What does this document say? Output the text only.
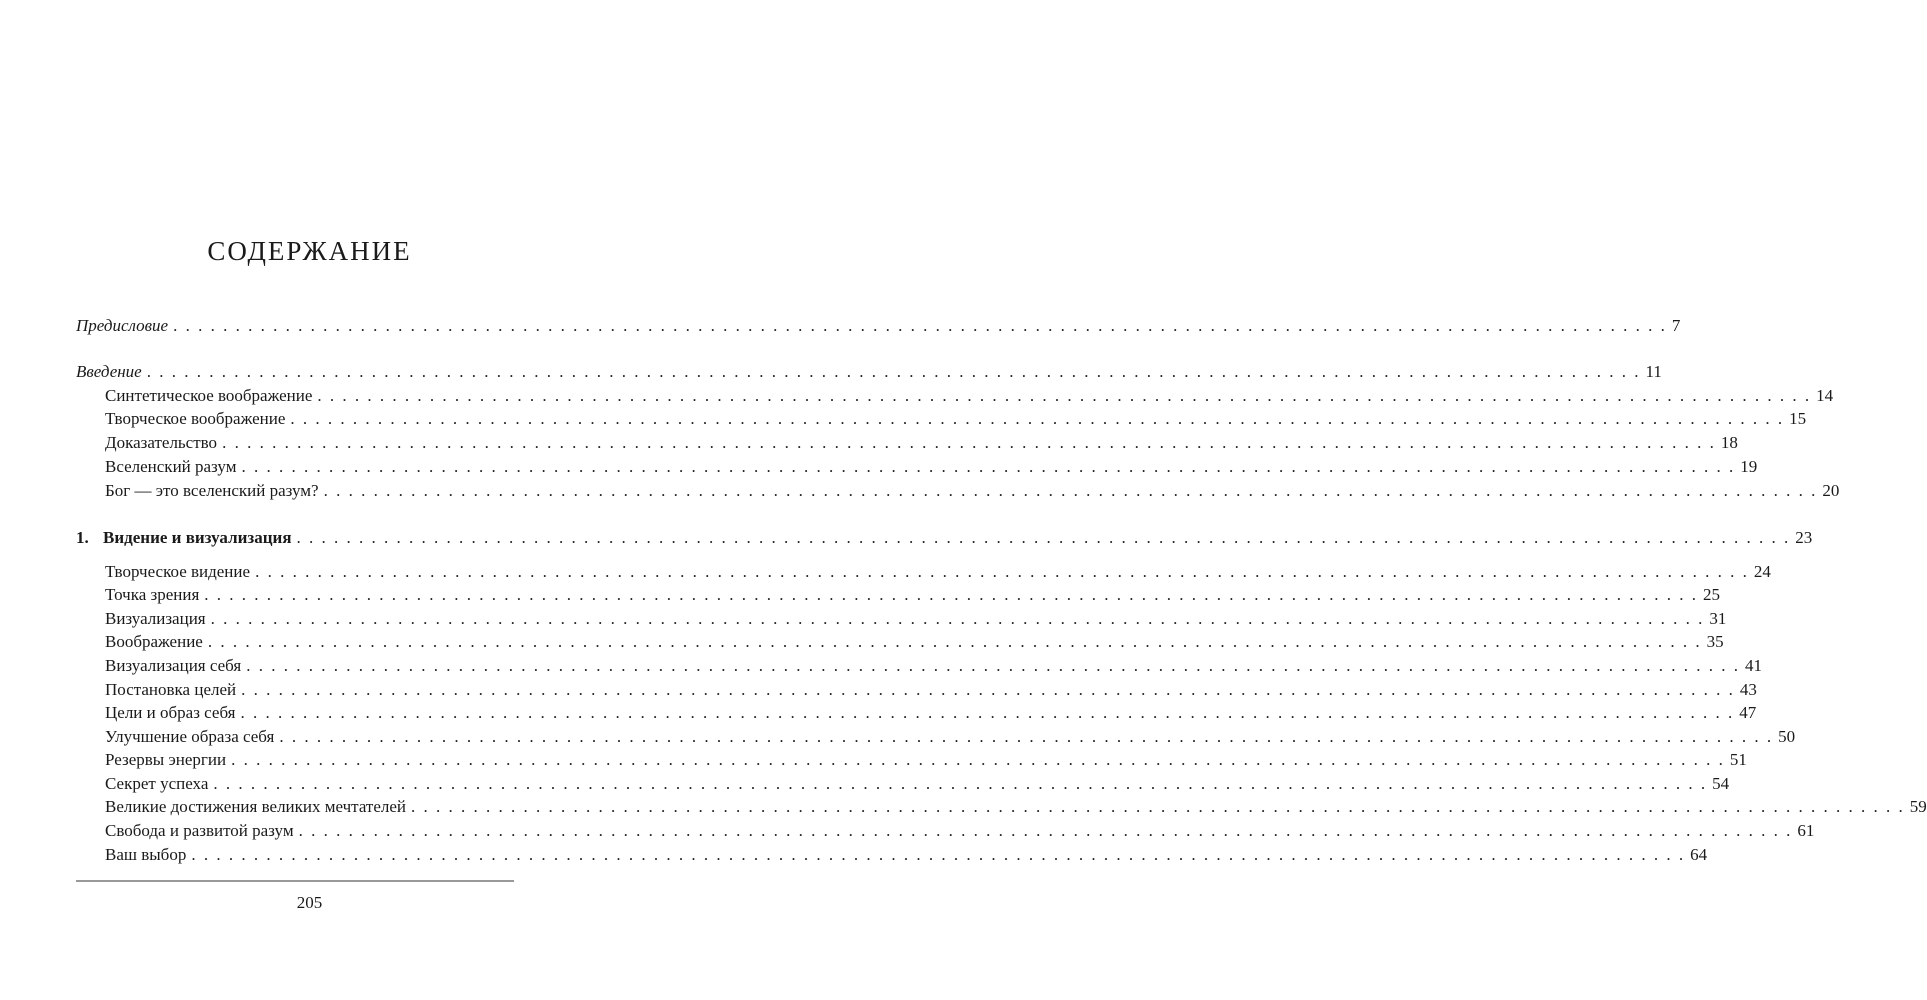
СОДЕРЖАНИЕ
Предисловие . . . . . . . . . . . . . . . . . . . . . . . . . . . . . . . . . . . . . . . . . . . . . . . . . . . . . . . . . . . . . . . . . . . . . . . . . . . . . . . . . . . . . . . . . . . . . . . . . . . . . . . . . . . . . . . . . . . . . . . . 7
Введение . . . . . . . . . . . . . . . . . . . . . . . . . . . . . . . . . . . . . . . . . . . . . . . . . . . . . . . . . . . . . . . . . . . . . . . . . . . . . . . . . . . . . . . . . . . . . . . . . . . . . . . . . . . . . . . . . . . . . . . . 11
Синтетическое воображение . . . . . . . . . . . . . . . . . . . . . . . . . . . . . . . . . . . . . . . . . . . . . . . . . . . . . . . . . . . . . . . . . . . . . . . . . . . . . . . . . . . . . . . . . . . . . . . . . . . . . . . . . . . . . . . . . . . . . . . . 14
Творческое воображение . . . . . . . . . . . . . . . . . . . . . . . . . . . . . . . . . . . . . . . . . . . . . . . . . . . . . . . . . . . . . . . . . . . . . . . . . . . . . . . . . . . . . . . . . . . . . . . . . . . . . . . . . . . . . . . . . . . . . . . . 15
Доказательство . . . . . . . . . . . . . . . . . . . . . . . . . . . . . . . . . . . . . . . . . . . . . . . . . . . . . . . . . . . . . . . . . . . . . . . . . . . . . . . . . . . . . . . . . . . . . . . . . . . . . . . . . . . . . . . . . . . . . . . . 18
Вселенский разум . . . . . . . . . . . . . . . . . . . . . . . . . . . . . . . . . . . . . . . . . . . . . . . . . . . . . . . . . . . . . . . . . . . . . . . . . . . . . . . . . . . . . . . . . . . . . . . . . . . . . . . . . . . . . . . . . . . . . . . . 19
Бог — это вселенский разум? . . . . . . . . . . . . . . . . . . . . . . . . . . . . . . . . . . . . . . . . . . . . . . . . . . . . . . . . . . . . . . . . . . . . . . . . . . . . . . . . . . . . . . . . . . . . . . . . . . . . . . . . . . . . . . . . . . . . . . . . 20
1. Видение и визуализация . . . . . . . . . . . . . . . . . . . . . . . . . . . . . . . . . . . . . . . . . . . . . . . . . . . . . . . . . . . . . . . . . . . . . . . . . . . . . . . . . . . . . . . . . . . . . . . . . . . . . . . . . . . . . . . . . . . . . . . . 23
Творческое видение . . . . . . . . . . . . . . . . . . . . . . . . . . . . . . . . . . . . . . . . . . . . . . . . . . . . . . . . . . . . . . . . . . . . . . . . . . . . . . . . . . . . . . . . . . . . . . . . . . . . . . . . . . . . . . . . . . . . . . . . 24
Точка зрения . . . . . . . . . . . . . . . . . . . . . . . . . . . . . . . . . . . . . . . . . . . . . . . . . . . . . . . . . . . . . . . . . . . . . . . . . . . . . . . . . . . . . . . . . . . . . . . . . . . . . . . . . . . . . . . . . . . . . . . . 25
Визуализация . . . . . . . . . . . . . . . . . . . . . . . . . . . . . . . . . . . . . . . . . . . . . . . . . . . . . . . . . . . . . . . . . . . . . . . . . . . . . . . . . . . . . . . . . . . . . . . . . . . . . . . . . . . . . . . . . . . . . . . . 31
Воображение . . . . . . . . . . . . . . . . . . . . . . . . . . . . . . . . . . . . . . . . . . . . . . . . . . . . . . . . . . . . . . . . . . . . . . . . . . . . . . . . . . . . . . . . . . . . . . . . . . . . . . . . . . . . . . . . . . . . . . . . 35
Визуализация себя . . . . . . . . . . . . . . . . . . . . . . . . . . . . . . . . . . . . . . . . . . . . . . . . . . . . . . . . . . . . . . . . . . . . . . . . . . . . . . . . . . . . . . . . . . . . . . . . . . . . . . . . . . . . . . . . . . . . . . . . 41
Постановка целей . . . . . . . . . . . . . . . . . . . . . . . . . . . . . . . . . . . . . . . . . . . . . . . . . . . . . . . . . . . . . . . . . . . . . . . . . . . . . . . . . . . . . . . . . . . . . . . . . . . . . . . . . . . . . . . . . . . . . . . . 43
Цели и образ себя . . . . . . . . . . . . . . . . . . . . . . . . . . . . . . . . . . . . . . . . . . . . . . . . . . . . . . . . . . . . . . . . . . . . . . . . . . . . . . . . . . . . . . . . . . . . . . . . . . . . . . . . . . . . . . . . . . . . . . . . 47
Улучшение образа себя . . . . . . . . . . . . . . . . . . . . . . . . . . . . . . . . . . . . . . . . . . . . . . . . . . . . . . . . . . . . . . . . . . . . . . . . . . . . . . . . . . . . . . . . . . . . . . . . . . . . . . . . . . . . . . . . . . . . . . . . 50
Резервы энергии . . . . . . . . . . . . . . . . . . . . . . . . . . . . . . . . . . . . . . . . . . . . . . . . . . . . . . . . . . . . . . . . . . . . . . . . . . . . . . . . . . . . . . . . . . . . . . . . . . . . . . . . . . . . . . . . . . . . . . . . 51
Секрет успеха . . . . . . . . . . . . . . . . . . . . . . . . . . . . . . . . . . . . . . . . . . . . . . . . . . . . . . . . . . . . . . . . . . . . . . . . . . . . . . . . . . . . . . . . . . . . . . . . . . . . . . . . . . . . . . . . . . . . . . . . 54
Великие достижения великих мечтателей . . . . . . . . . . . . . . . . . . . . . . . . . . . . . . . . . . . . . . . . . . . . . . . . . . . . . . . . . . . . . . . . . . . . . . . . . . . . . . . . . . . . . . . . . . . . . . . . . . . . . . . . . . . . . . . . . . . . . . . . 59
Свобода и развитой разум . . . . . . . . . . . . . . . . . . . . . . . . . . . . . . . . . . . . . . . . . . . . . . . . . . . . . . . . . . . . . . . . . . . . . . . . . . . . . . . . . . . . . . . . . . . . . . . . . . . . . . . . . . . . . . . . . . . . . . . . 61
Ваш выбор . . . . . . . . . . . . . . . . . . . . . . . . . . . . . . . . . . . . . . . . . . . . . . . . . . . . . . . . . . . . . . . . . . . . . . . . . . . . . . . . . . . . . . . . . . . . . . . . . . . . . . . . . . . . . . . . . . . . . . . . 64
205
